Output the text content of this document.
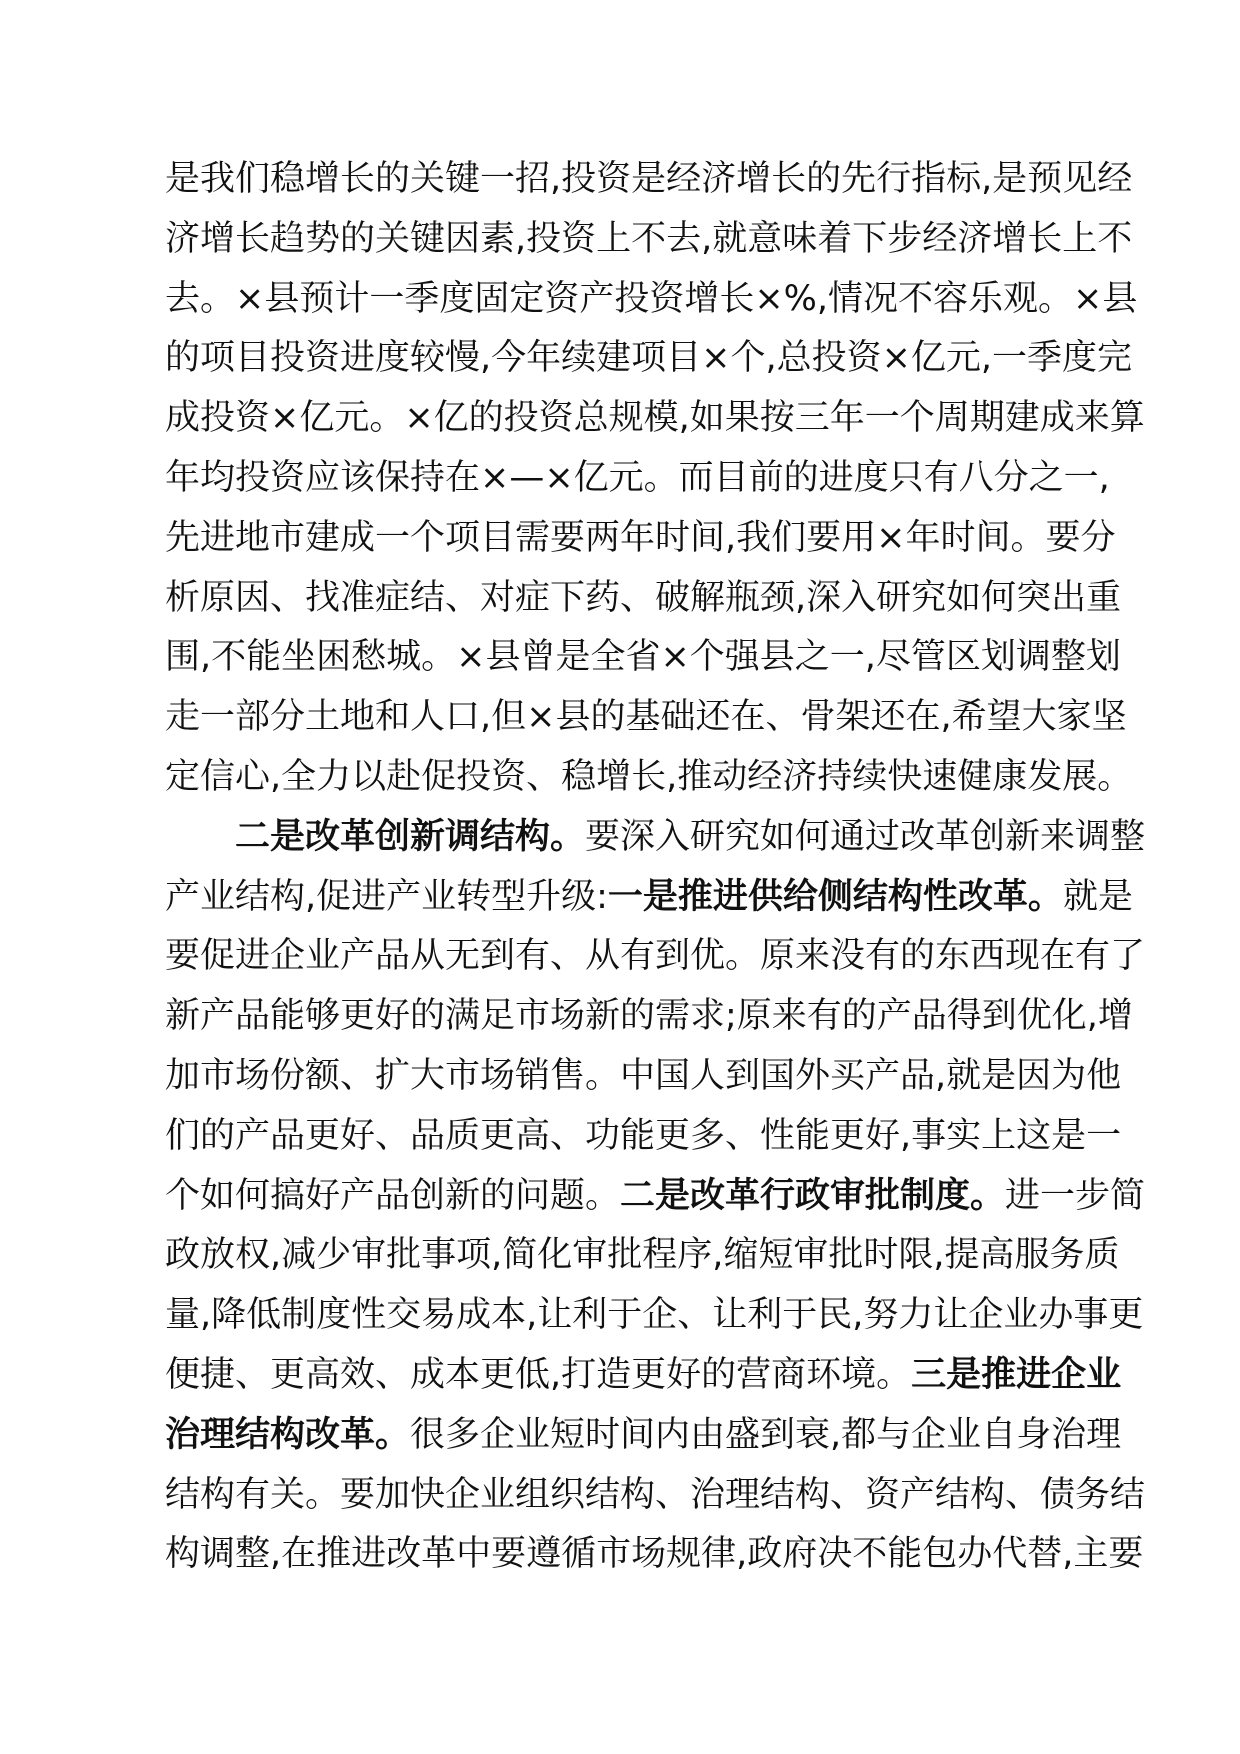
是我们稳增长的关键一招,投资是经济增长的先行指标,是预见经
济增长趋势的关键因素,投资上不去,就意味着下步经济增长上不
去。×县预计一季度固定资产投资增长×%,情况不容乐观。×县
的项目投资进度较慢,今年续建项目×个,总投资×亿元,一季度完
成投资×亿元。×亿的投资总规模,如果按三年一个周期建成来算
年均投资应该保持在×—×亿元。而目前的进度只有八分之一,
先进地市建成一个项目需要两年时间,我们要用×年时间。要分
析原因、找准症结、对症下药、破解瓶颈,深入研究如何突出重
围,不能坐困愁城。×县曾是全省×个强县之一,尽管区划调整划
走一部分土地和人口,但×县的基础还在、骨架还在,希望大家坚
定信心,全力以赴促投资、稳增长,推动经济持续快速健康发展。
二是改革创新调结构。要深入研究如何通过改革创新来调整
产业结构,促进产业转型升级:一是推进供给侧结构性改革。就是
要促进企业产品从无到有、从有到优。原来没有的东西现在有了
新产品能够更好的满足市场新的需求;原来有的产品得到优化,增
加市场份额、扩大市场销售。中国人到国外买产品,就是因为他
们的产品更好、品质更高、功能更多、性能更好,事实上这是一
个如何搞好产品创新的问题。二是改革行政审批制度。进一步简
政放权,减少审批事项,简化审批程序,缩短审批时限,提高服务质
量,降低制度性交易成本,让利于企、让利于民,努力让企业办事更
便捷、更高效、成本更低,打造更好的营商环境。三是推进企业
治理结构改革。很多企业短时间内由盛到衰,都与企业自身治理
结构有关。要加快企业组织结构、治理结构、资产结构、债务结
构调整,在推进改革中要遵循市场规律,政府决不能包办代替,主要
